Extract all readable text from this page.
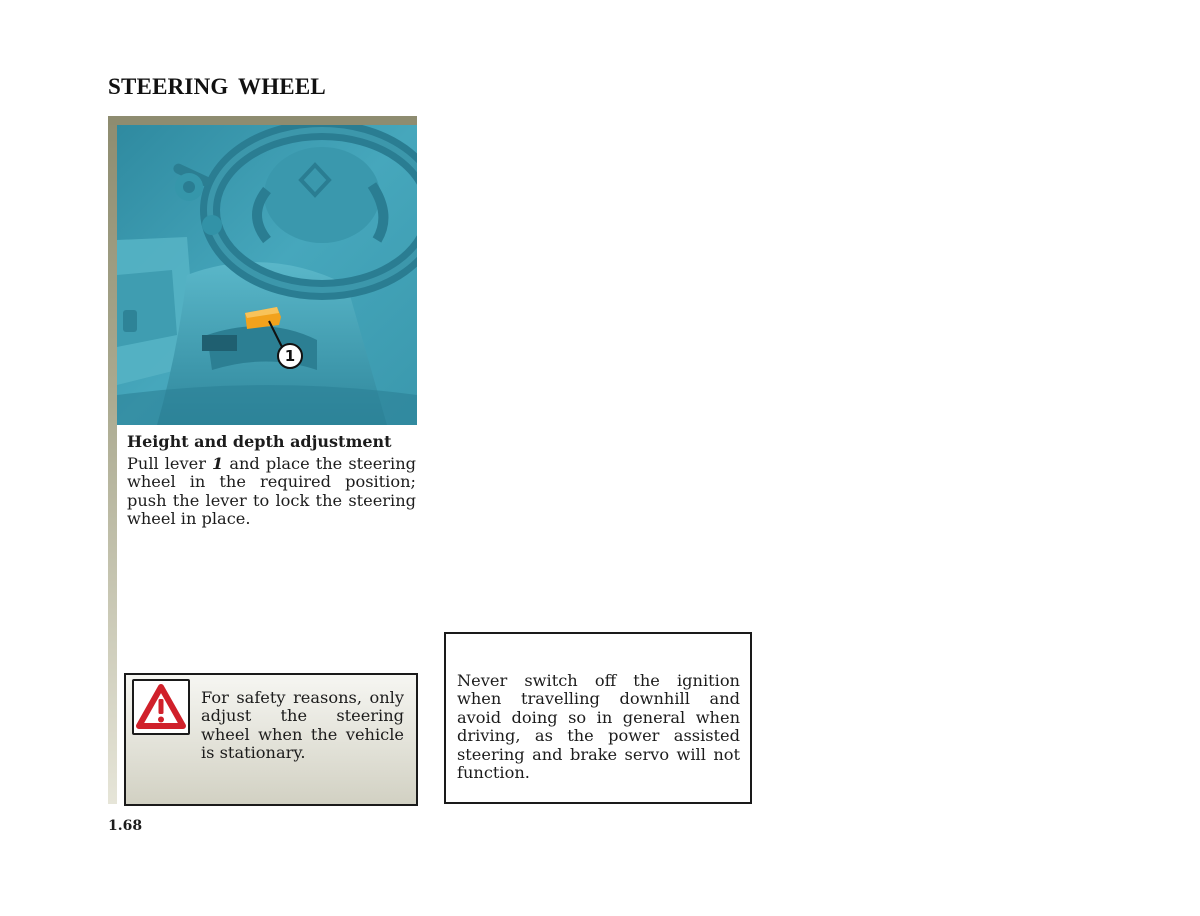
STEERING WHEEL
1
Height and depth adjustment
Pull lever 1 and place the steering wheel in the required position; push the lever to lock the steering wheel in place.
For safety reasons, only adjust the steering wheel when the vehicle is stationary.
Never switch off the ignition when travelling downhill and avoid doing so in general when driving, as the power assisted steering and brake servo will not function.
1.68
